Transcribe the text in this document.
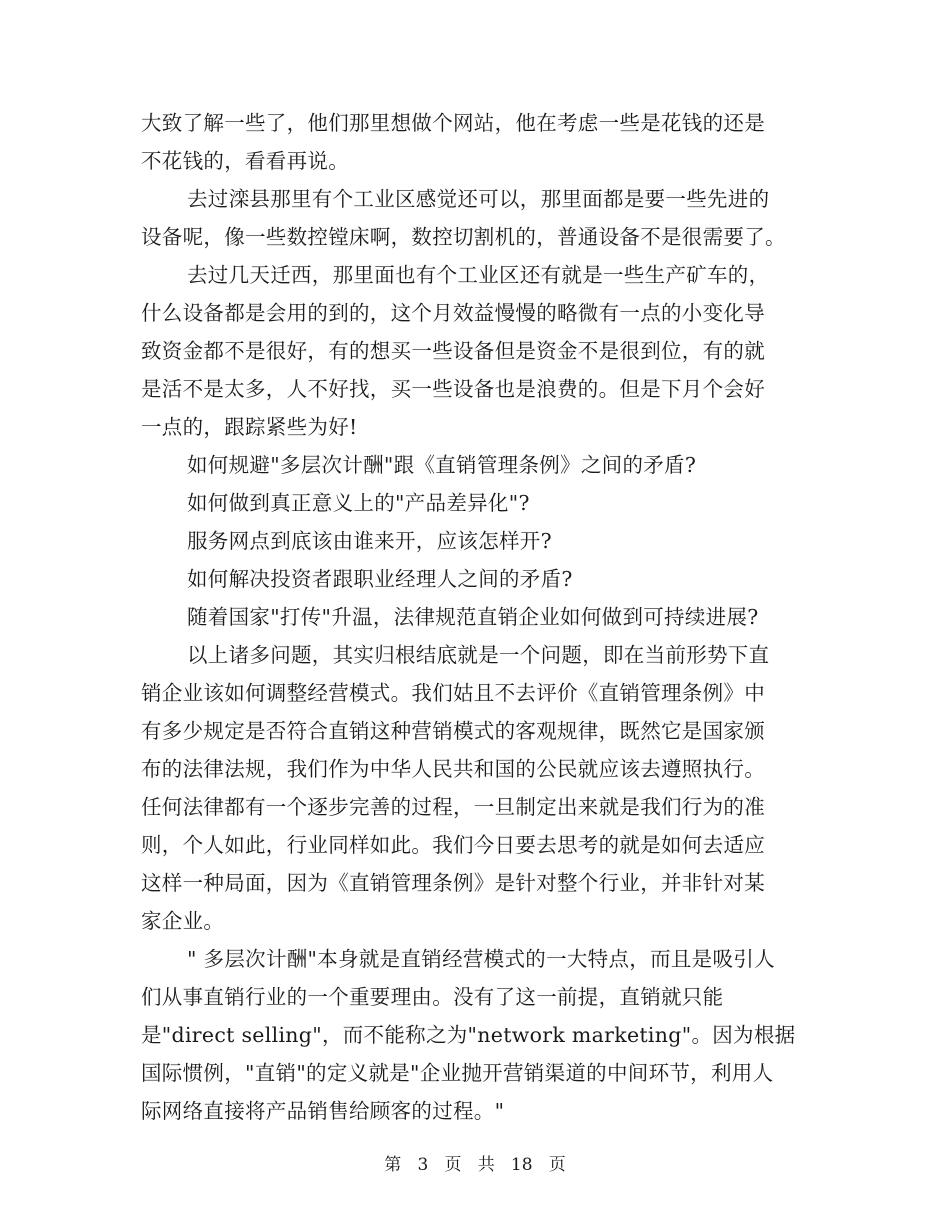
大致了解一些了，他们那里想做个网站，他在考虑一些是花钱的还是
不花钱的，看看再说。
去过滦县那里有个工业区感觉还可以，那里面都是要一些先进的
设备呢，像一些数控镗床啊，数控切割机的，普通设备不是很需要了。
去过几天迁西，那里面也有个工业区还有就是一些生产矿车的，
什么设备都是会用的到的，这个月效益慢慢的略微有一点的小变化导
致资金都不是很好，有的想买一些设备但是资金不是很到位，有的就
是活不是太多，人不好找，买一些设备也是浪费的。但是下月个会好
一点的，跟踪紧些为好!
如何规避"多层次计酬"跟《直销管理条例》之间的矛盾?
如何做到真正意义上的"产品差异化"?
服务网点到底该由谁来开，应该怎样开?
如何解决投资者跟职业经理人之间的矛盾?
随着国家"打传"升温，法律规范直销企业如何做到可持续进展?
以上诸多问题，其实归根结底就是一个问题，即在当前形势下直
销企业该如何调整经营模式。我们姑且不去评价《直销管理条例》中
有多少规定是否符合直销这种营销模式的客观规律，既然它是国家颁
布的法律法规，我们作为中华人民共和国的公民就应该去遵照执行。
任何法律都有一个逐步完善的过程，一旦制定出来就是我们行为的准
则，个人如此，行业同样如此。我们今日要去思考的就是如何去适应
这样一种局面，因为《直销管理条例》是针对整个行业，并非针对某
家企业。
" 多层次计酬"本身就是直销经营模式的一大特点，而且是吸引人
们从事直销行业的一个重要理由。没有了这一前提，直销就只能
是"direct selling"，而不能称之为"network marketing"。因为根据
国际惯例，"直销"的定义就是"企业抛开营销渠道的中间环节，利用人
际网络直接将产品销售给顾客的过程。"
第 3 页 共 18 页
